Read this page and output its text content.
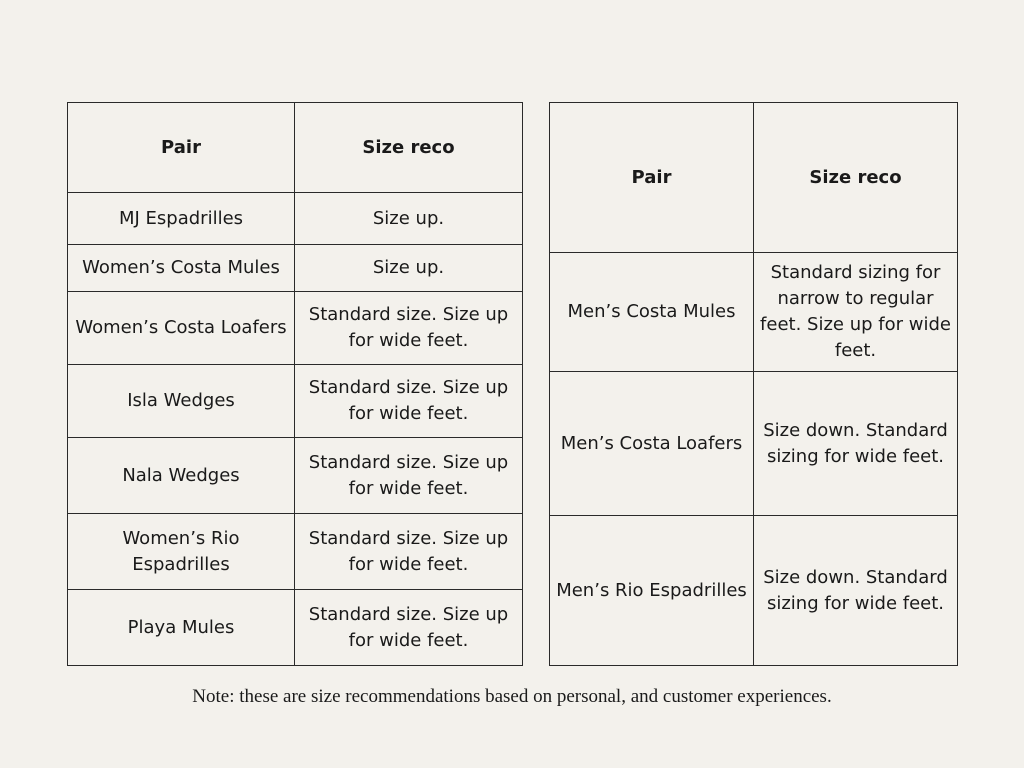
Pair	Size reco
MJ Espadrilles	Size up.
Women’s Costa Mules	Size up.
Women’s Costa Loafers	Standard size. Size up for wide feet.
Isla Wedges	Standard size. Size up for wide feet.
Nala Wedges	Standard size. Size up for wide feet.
Women’s Rio Espadrilles	Standard size. Size up for wide feet.
Playa Mules	Standard size. Size up for wide feet.
Pair	Size reco
Men’s Costa Mules	Standard sizing for narrow to regular feet. Size up for wide feet.
Men’s Costa Loafers	Size down. Standard sizing for wide feet.
Men’s Rio Espadrilles	Size down. Standard sizing for wide feet.
Note: these are size recommendations based on personal, and customer experiences.
